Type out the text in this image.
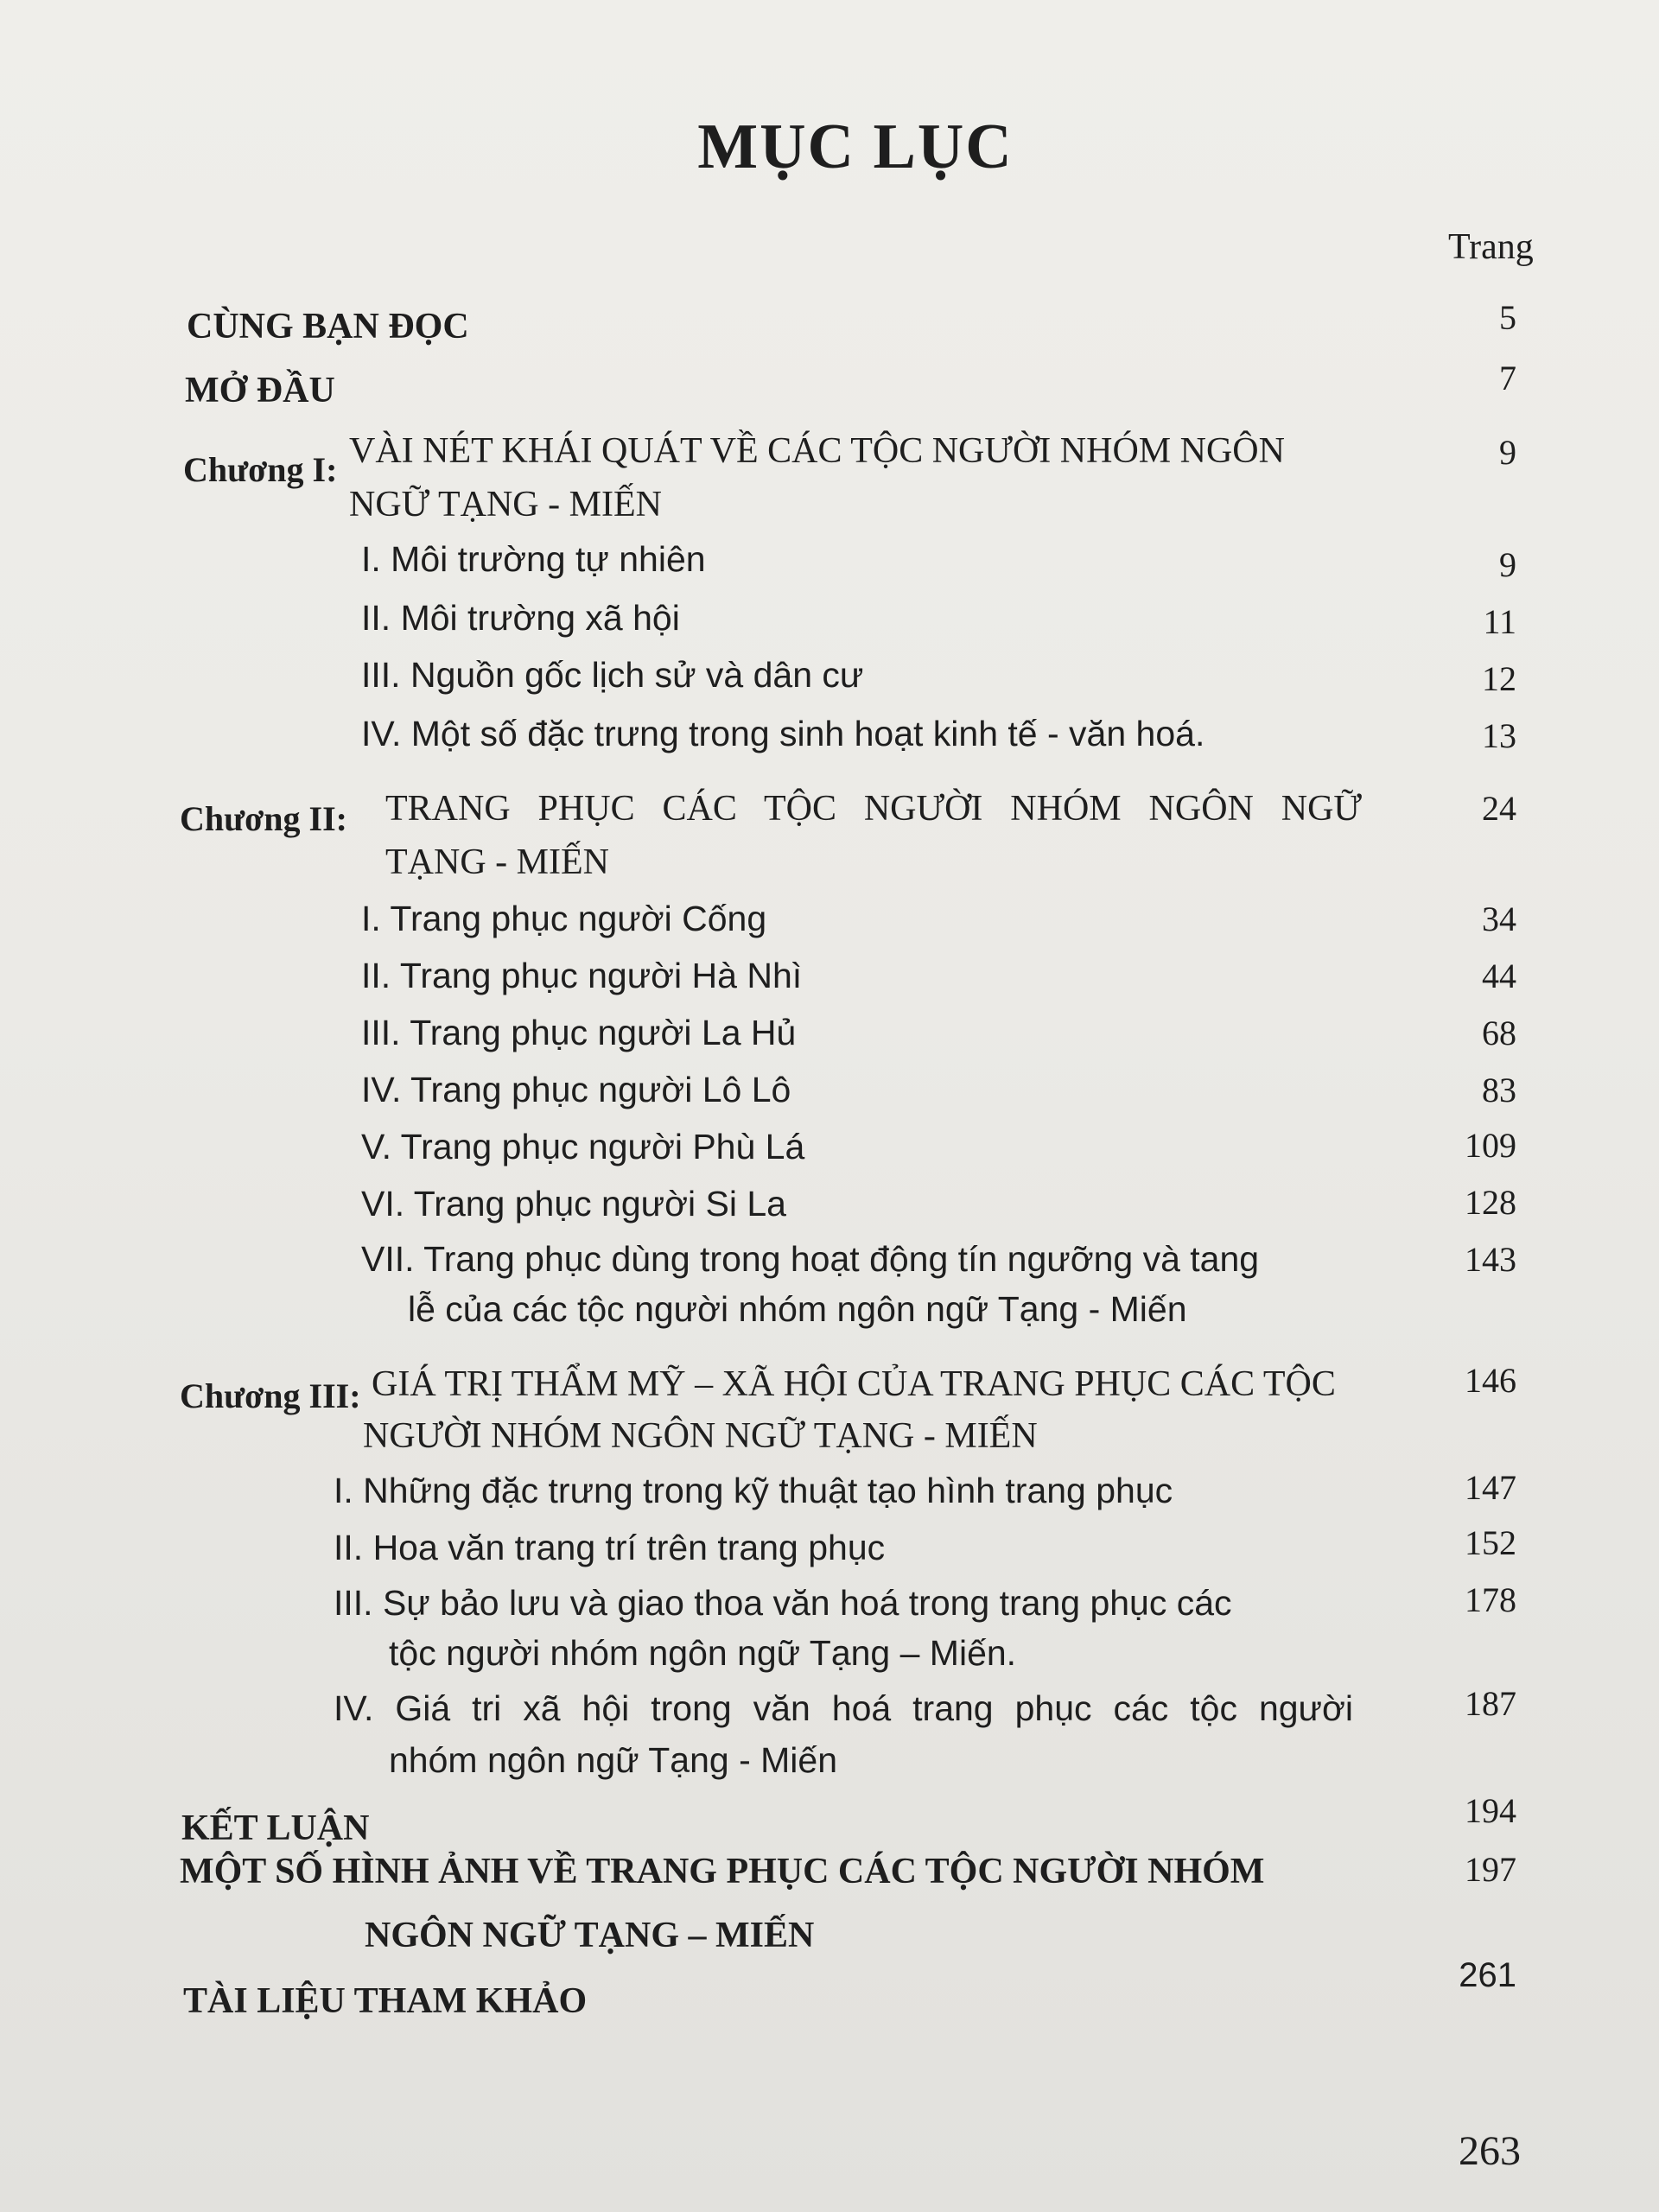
MỤC LỤC
Trang
CÙNG BẠN ĐỌC	5
MỞ ĐẦU	7
Chương I: VÀI NÉT KHÁI QUÁT VỀ CÁC TỘC NGƯỜI NHÓM NGÔN
NGỮ TẠNG - MIẾN
9
I. Môi trường tự nhiên	9
II. Môi trường xã hội	11
III. Nguồn gốc lịch sử và dân cư	12
IV. Một số đặc trưng trong sinh hoạt kinh tế - văn hoá.	13
Chương II: TRANG PHỤC CÁC TỘC NGƯỜI NHÓM NGÔN NGỮ
TẠNG - MIẾN
24
I. Trang phục người Cống	34
II. Trang phục người Hà Nhì	44
III. Trang phục người La Hủ	68
IV. Trang phục người Lô Lô	83
V. Trang phục người Phù Lá	109
VI. Trang phục người Si La	128
VII. Trang phục dùng trong hoạt động tín ngưỡng và tang
lễ của các tộc người nhóm ngôn ngữ Tạng - Miến
143
Chương III: GIÁ TRỊ THẨM MỸ – XÃ HỘI CỦA TRANG PHỤC CÁC TỘC
NGƯỜI NHÓM NGÔN NGỮ TẠNG - MIẾN
146
I. Những đặc trưng trong kỹ thuật tạo hình trang phục	147
II. Hoa văn trang trí trên trang phục	152
III. Sự bảo lưu và giao thoa văn hoá trong trang phục các
tộc người nhóm ngôn ngữ Tạng – Miến.
178
IV. Giá tri xã hội trong văn hoá trang phục các tộc người
nhóm ngôn ngữ Tạng - Miến
187
KẾT LUẬN	194
MỘT SỐ HÌNH ẢNH VỀ TRANG PHỤC CÁC TỘC NGƯỜI NHÓM
NGÔN NGỮ TẠNG – MIẾN
197
TÀI LIỆU THAM KHẢO
261
263
